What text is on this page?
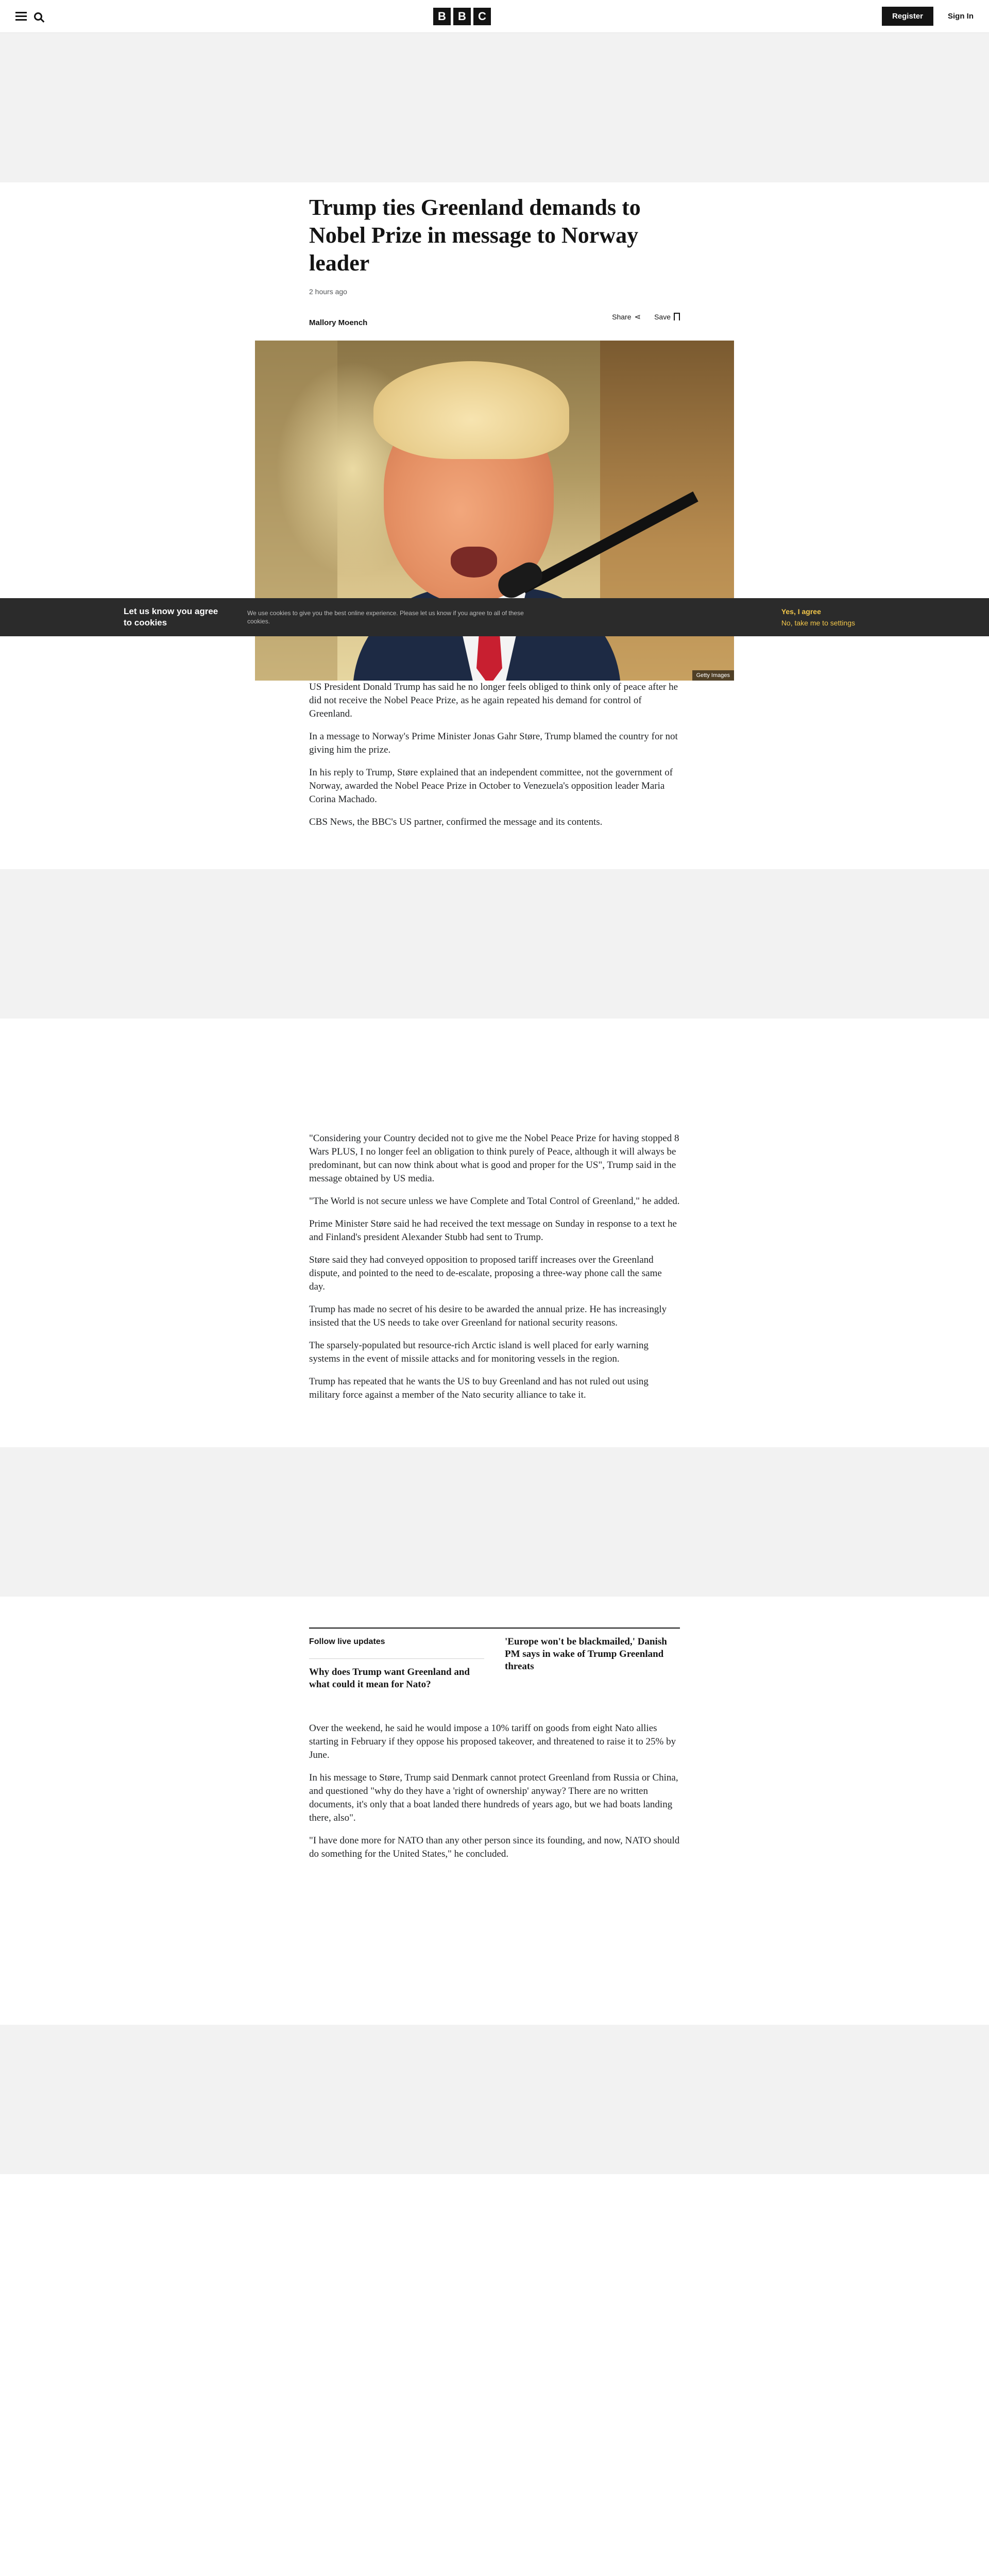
B	B	C	Register	Sign In
Trump ties Greenland demands to Nobel Prize in message to Norway leader
2 hours ago
Mallory Moench
Share ⋖ Save
Getty Images
Let us know you agree to cookies
We use cookies to give you the best online experience. Please let us know if you agree to all of these cookies.
Yes, I agree
No, take me to settings

US President Donald Trump has said he no longer feels obliged to think only of peace after he did not receive the Nobel Peace Prize, as he again repeated his demand for control of Greenland.

In a message to Norway's Prime Minister Jonas Gahr Støre, Trump blamed the country for not giving him the prize.

In his reply to Trump, Støre explained that an independent committee, not the government of Norway, awarded the Nobel Peace Prize in October to Venezuela's opposition leader Maria Corina Machado.

CBS News, the BBC's US partner, confirmed the message and its contents.

"Considering your Country decided not to give me the Nobel Peace Prize for having stopped 8 Wars PLUS, I no longer feel an obligation to think purely of Peace, although it will always be predominant, but can now think about what is good and proper for the US", Trump said in the message obtained by US media.

"The World is not secure unless we have Complete and Total Control of Greenland," he added.

Prime Minister Støre said he had received the text message on Sunday in response to a text he and Finland's president Alexander Stubb had sent to Trump.

Støre said they had conveyed opposition to proposed tariff increases over the Greenland dispute, and pointed to the need to de-escalate, proposing a three-way phone call the same day.

Trump has made no secret of his desire to be awarded the annual prize. He has increasingly insisted that the US needs to take over Greenland for national security reasons.

The sparsely-populated but resource-rich Arctic island is well placed for early warning systems in the event of missile attacks and for monitoring vessels in the region.

Trump has repeated that he wants the US to buy Greenland and has not ruled out using military force against a member of the Nato security alliance to take it.

Follow live updates
Why does Trump want Greenland and what could it mean for Nato?
'Europe won't be blackmailed,' Danish PM says in wake of Trump Greenland threats

Over the weekend, he said he would impose a 10% tariff on goods from eight Nato allies starting in February if they oppose his proposed takeover, and threatened to raise it to 25% by June.

In his message to Støre, Trump said Denmark cannot protect Greenland from Russia or China, and questioned "why do they have a 'right of ownership' anyway? There are no written documents, it's only that a boat landed there hundreds of years ago, but we had boats landing there, also".

"I have done more for NATO than any other person since its founding, and now, NATO should do something for the United States," he concluded.
